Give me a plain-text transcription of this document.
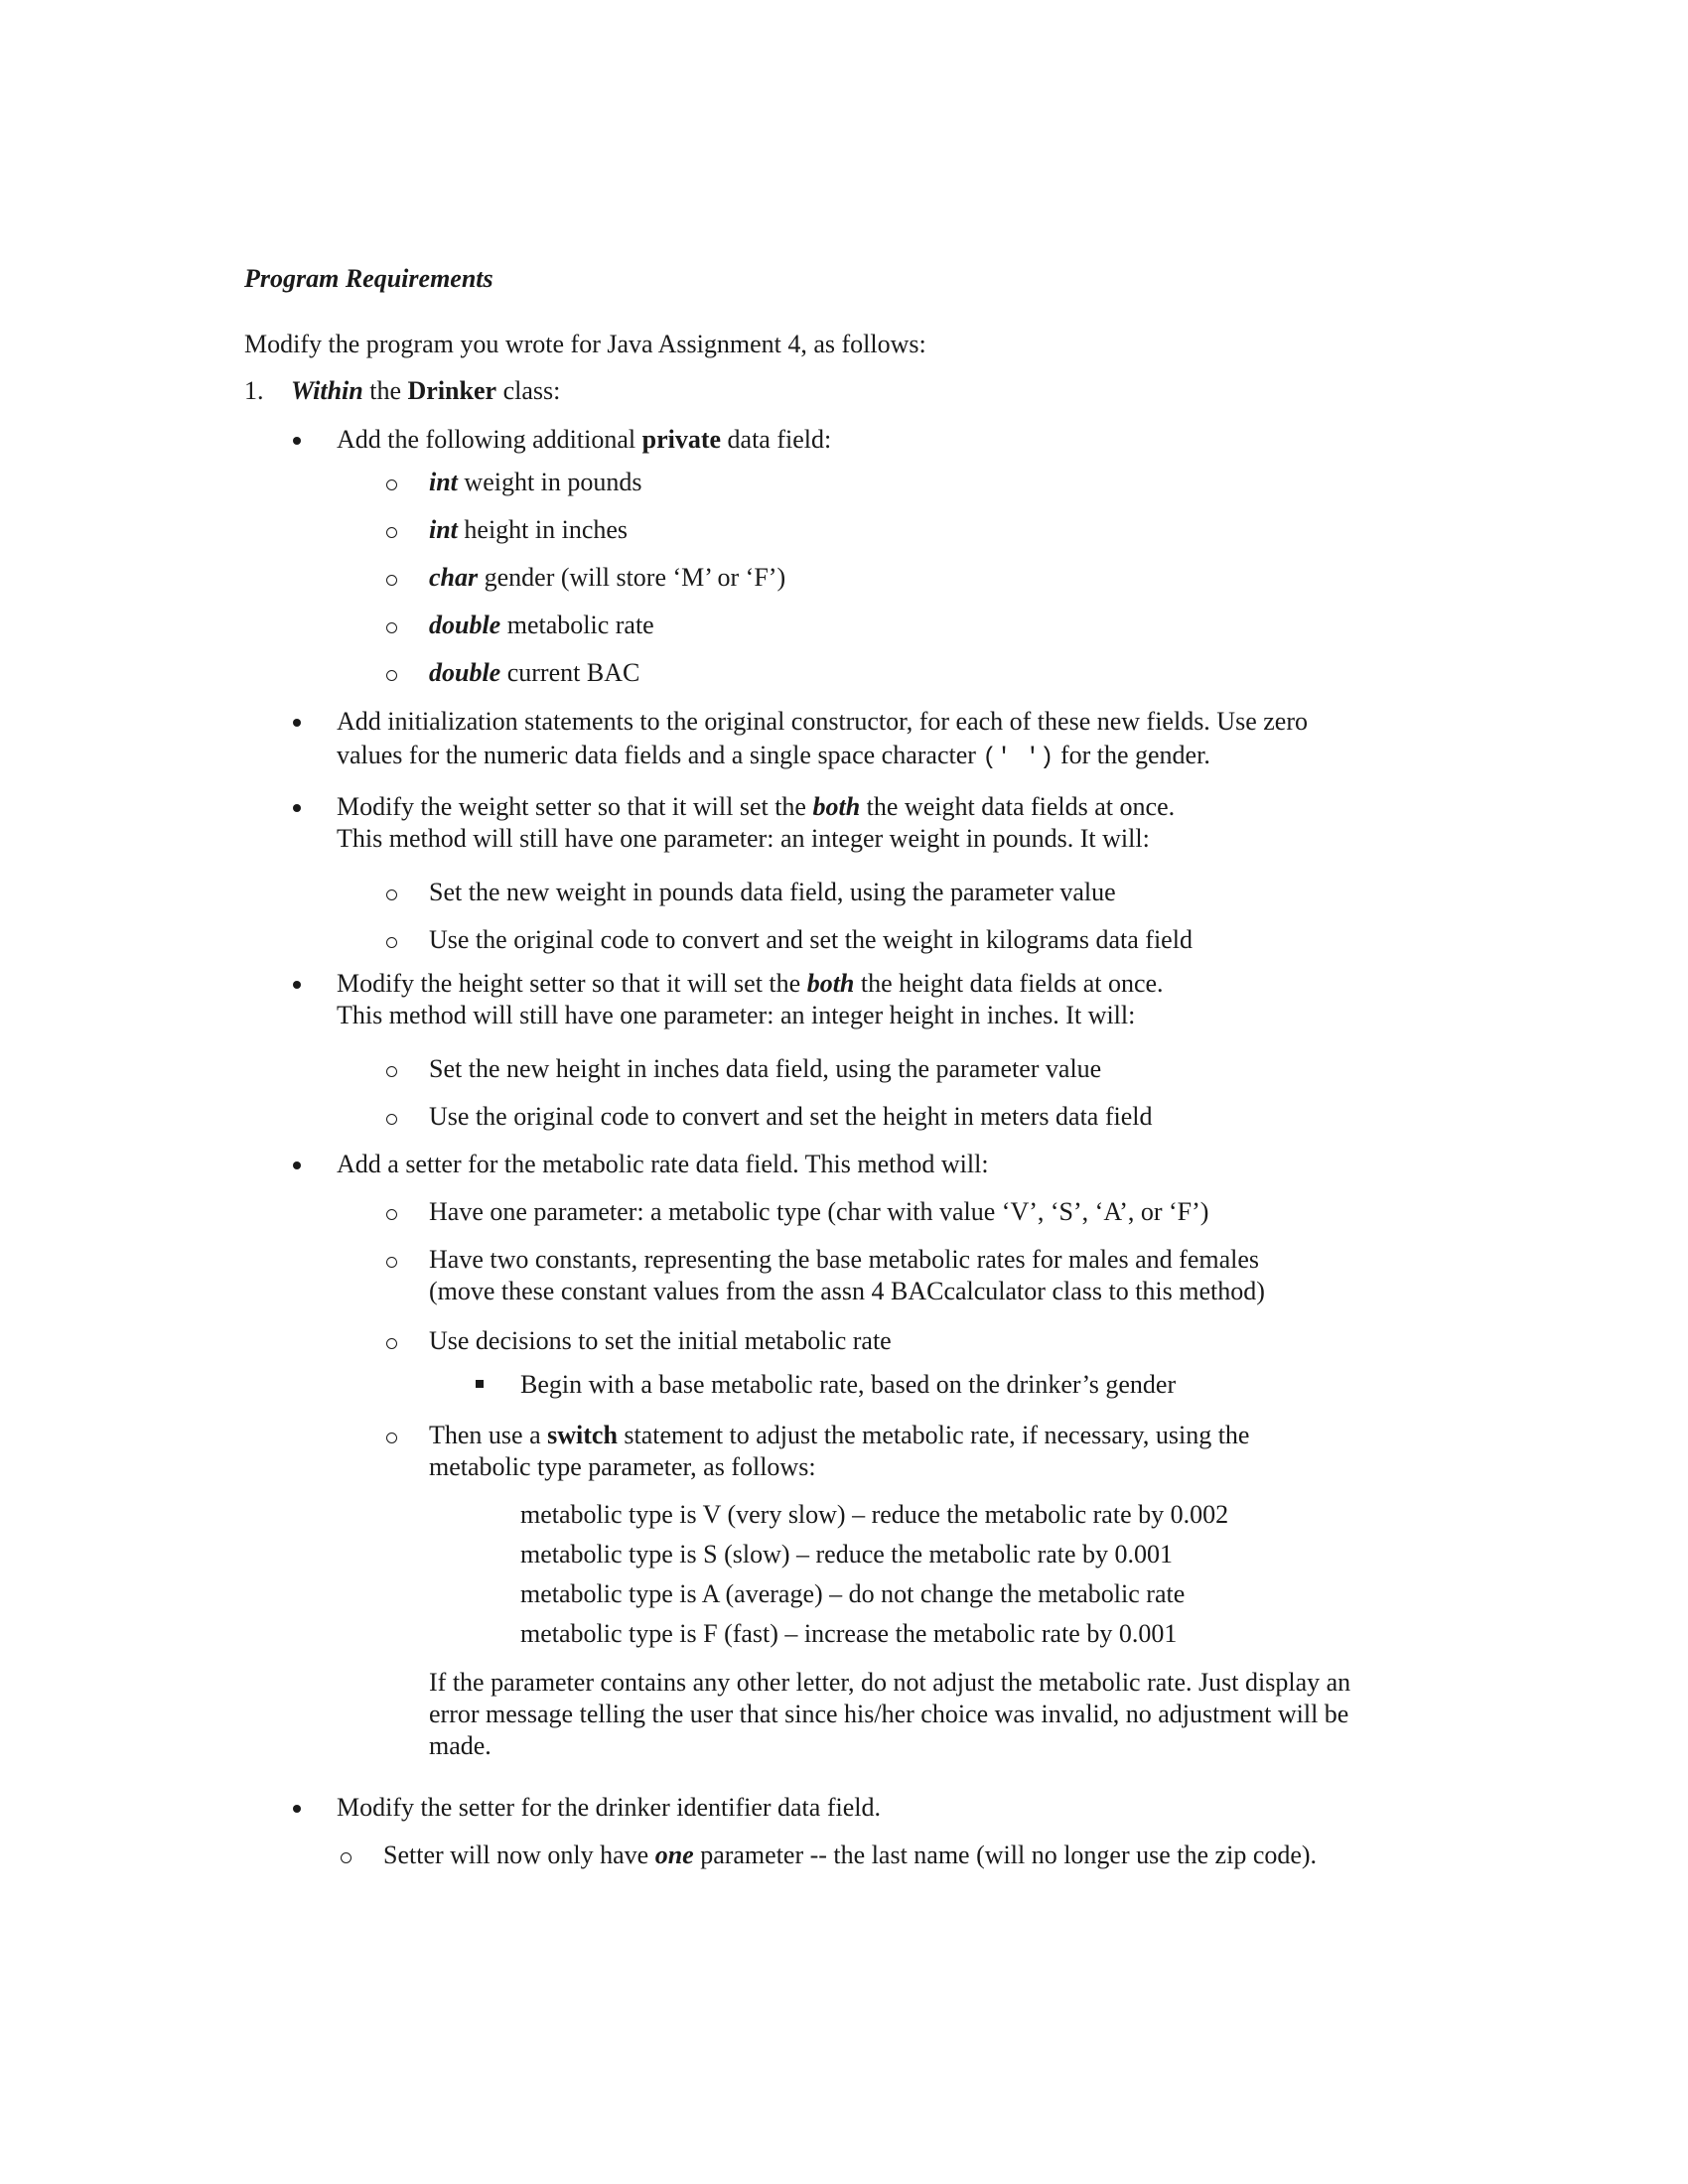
Program Requirements
Modify the program you wrote for Java Assignment 4, as follows:
1. Within the Drinker class:
Add the following additional private data field:
int weight in pounds
int height in inches
char gender (will store ‘M’ or ‘F’)
double metabolic rate
double current BAC
Add initialization statements to the original constructor, for each of these new fields. Use zero
values for the numeric data fields and a single space character (' ') for the gender.
Modify the weight setter so that it will set the both the weight data fields at once.
This method will still have one parameter: an integer weight in pounds. It will:
Set the new weight in pounds data field, using the parameter value
Use the original code to convert and set the weight in kilograms data field
Modify the height setter so that it will set the both the height data fields at once.
This method will still have one parameter: an integer height in inches. It will:
Set the new height in inches data field, using the parameter value
Use the original code to convert and set the height in meters data field
Add a setter for the metabolic rate data field. This method will:
Have one parameter: a metabolic type (char with value ‘V’, ‘S’, ‘A’, or ‘F’)
Have two constants, representing the base metabolic rates for males and females
(move these constant values from the assn 4 BACcalculator class to this method)
Use decisions to set the initial metabolic rate
Begin with a base metabolic rate, based on the drinker’s gender
Then use a switch statement to adjust the metabolic rate, if necessary, using the
metabolic type parameter, as follows:
metabolic type is V (very slow) – reduce the metabolic rate by 0.002
metabolic type is S (slow) – reduce the metabolic rate by 0.001
metabolic type is A (average) – do not change the metabolic rate
metabolic type is F (fast) – increase the metabolic rate by 0.001
If the parameter contains any other letter, do not adjust the metabolic rate. Just display an
error message telling the user that since his/her choice was invalid, no adjustment will be
made.
Modify the setter for the drinker identifier data field.
Setter will now only have one parameter -- the last name (will no longer use the zip code).
